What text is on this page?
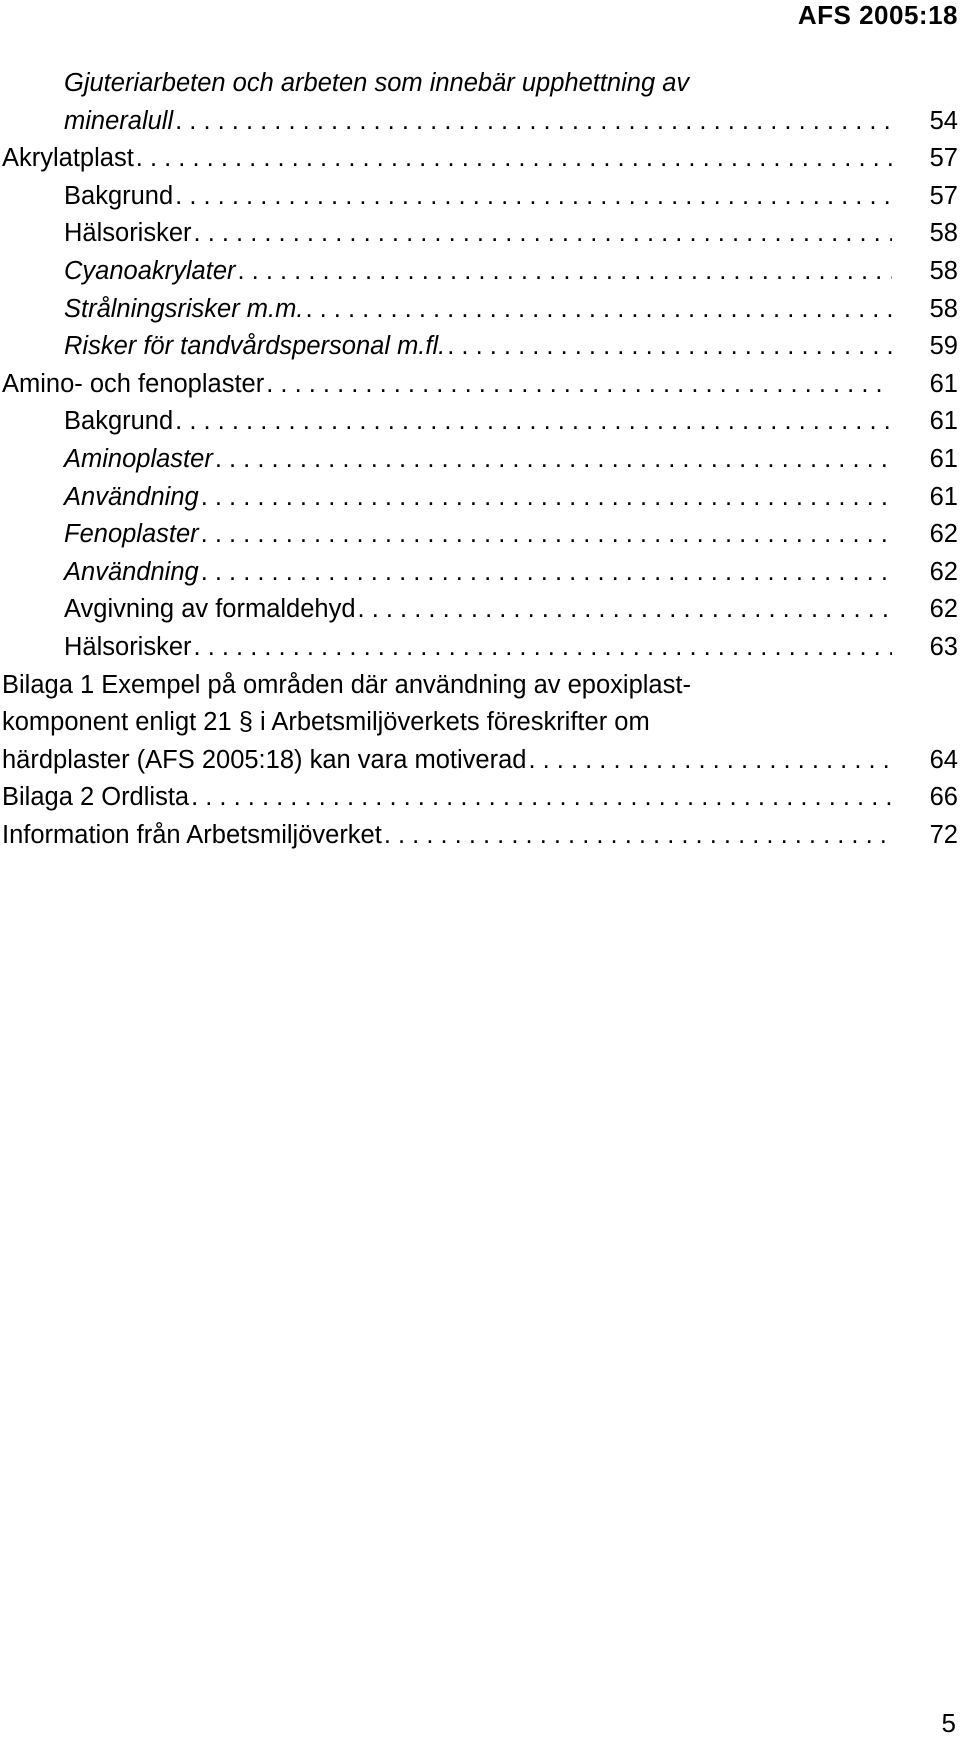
AFS 2005:18
Gjuteriarbeten och arbeten som innebär upphettning av
mineralull . . .	54
Akrylatplast . . .	57
Bakgrund . . .	57
Hälsorisker . . .	58
Cyanoakrylater . . .	58
Strålningsrisker m.m. . . .	58
Risker för tandvårdspersonal m.fl. . . .	59
Amino- och fenoplaster . . .	61
Bakgrund . . .	61
Aminoplaster . . .	61
Användning . . .	61
Fenoplaster . . .	62
Användning . . .	62
Avgivning av formaldehyd . . .	62
Hälsorisker . . .	63
Bilaga 1 Exempel på områden där användning av epoxiplast-
komponent enligt 21 § i Arbetsmiljöverkets föreskrifter om
härdplaster (AFS 2005:18) kan vara motiverad . . .	64
Bilaga 2 Ordlista . . .	66
Information från Arbetsmiljöverket . . .	72
5
